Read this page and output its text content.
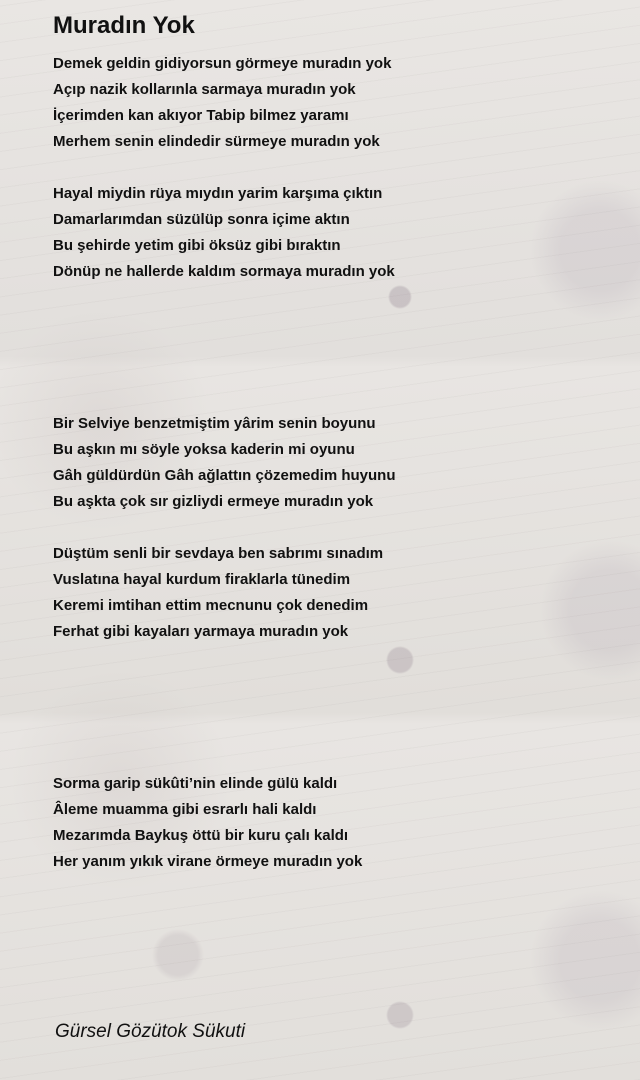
Muradın Yok
Demek geldin gidiyorsun görmeye muradın yok
Açıp nazik kollarınla sarmaya muradın yok
İçerimden kan akıyor Tabip bilmez yaramı
Merhem senin elindedir sürmeye muradın yok
Hayal miydin rüya mıydın yarim karşıma çıktın
Damarlarımdan süzülüp sonra içime aktın
Bu şehirde yetim gibi öksüz gibi bıraktın
Dönüp ne hallerde kaldım sormaya muradın yok
Bir Selviye benzetmiştim yârim senin boyunu
Bu aşkın mı söyle yoksa kaderin mi oyunu
Gâh güldürdün Gâh ağlattın çözemedim huyunu
Bu aşkta çok sır gizliydi ermeye muradın yok
Düştüm senli bir sevdaya ben sabrımı sınadım
Vuslatına hayal kurdum firaklarla tünedim
Keremi imtihan ettim mecnunu çok denedim
Ferhat gibi kayaları yarmaya muradın yok
Sorma garip sükûti’nin elinde gülü kaldı
Âleme muamma gibi esrarlı hali kaldı
Mezarımda Baykuş öttü bir kuru çalı kaldı
Her yanım yıkık virane örmeye muradın yok
Gürsel Gözütok Sükuti
